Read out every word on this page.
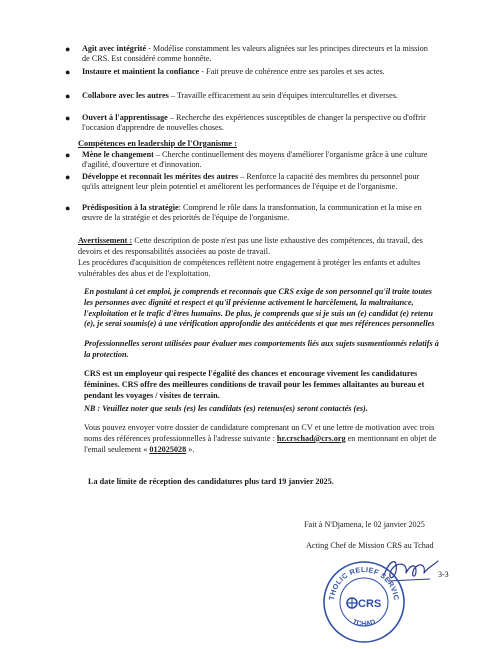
● Agit avec intégrité - Modélise constamment les valeurs alignées sur les principes directeurs et la mission de CRS. Est considéré comme honnête.
● Instaure et maintient la confiance - Fait preuve de cohérence entre ses paroles et ses actes.
● Collabore avec les autres – Travaille efficacement au sein d'équipes interculturelles et diverses.
● Ouvert à l'apprentissage – Recherche des expériences susceptibles de changer la perspective ou d'offrir l'occasion d'apprendre de nouvelles choses.
Compétences en leadership de l'Organisme :
● Mène le changement – Cherche continuellement des moyens d'améliorer l'organisme grâce à une culture d'agilité, d'ouverture et d'innovation.
● Développe et reconnaît les mérites des autres – Renforce la capacité des membres du personnel pour qu'ils atteignent leur plein potentiel et améliorent les performances de l'équipe et de l'organisme.
● Prédisposition à la stratégie: Comprend le rôle dans la transformation, la communication et la mise en œuvre de la stratégie et des priorités de l'équipe de l'organisme.
Avertissement : Cette description de poste n'est pas une liste exhaustive des compétences, du travail, des devoirs et des responsabilités associées au poste de travail.
Les procédures d'acquisition de compétences reflètent notre engagement à protéger les enfants et adultes vulnérables des abus et de l'exploitation.
En postulant à cet emploi, je comprends et reconnais que CRS exige de son personnel qu'il traite toutes les personnes avec dignité et respect et qu'il prévienne activement le harcèlement, la maltraitance, l'exploitation et le trafic d'êtres humains. De plus, je comprends que si je suis un (e) candidat (e) retenu (e), je serai soumis(e) à une vérification approfondie des antécédents et que mes références personnelles
Professionnelles seront utilisées pour évaluer mes comportements liés aux sujets susmentionnés relatifs à la protection.
CRS est un employeur qui respecte l'égalité des chances et encourage vivement les candidatures féminines. CRS offre des meilleures conditions de travail pour les femmes allaitantes au bureau et pendant les voyages / visites de terrain.
NB : Veuillez noter que seuls (es) les candidats (es) retenus(es) seront contactés (es).
Vous pouvez envoyer votre dossier de candidature comprenant un CV et une lettre de motivation avec trois noms des références professionnelles à l'adresse suivante : hr.crschad@crs.org en mentionnant en objet de l'email seulement « 012025028 ».
La date limite de réception des candidatures plus tard 19 janvier 2025.
Fait à N'Djamena, le 02 janvier 2025
Acting Chef de Mission CRS au Tchad
3-3
THOLIC RELIEF SERVIC
TCHAD
CRS
